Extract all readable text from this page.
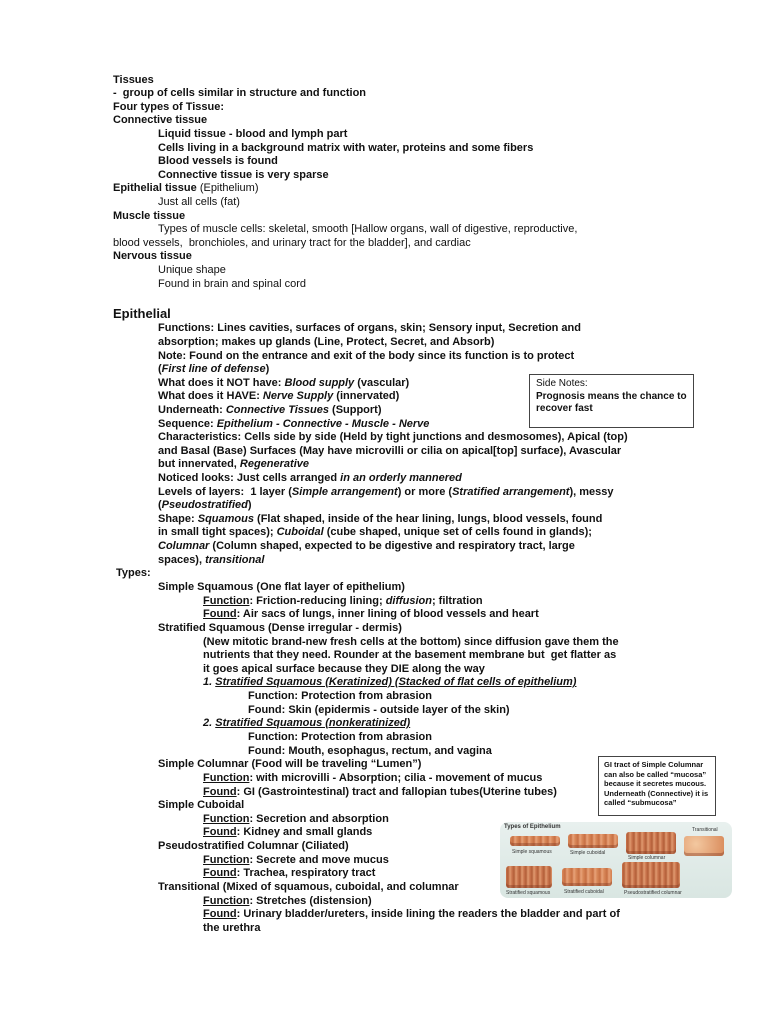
Tissues
-  group of cells similar in structure and function
Four types of Tissue:
Connective tissue
Liquid tissue - blood and lymph part
Cells living in a background matrix with water, proteins and some fibers
Blood vessels is found
Connective tissue is very sparse
Epithelial tissue (Epithelium)
Just all cells (fat)
Muscle tissue
Types of muscle cells: skeletal, smooth [Hallow organs, wall of digestive, reproductive,
blood vessels,  bronchioles, and urinary tract for the bladder], and cardiac
Nervous tissue
Unique shape
Found in brain and spinal cord
Epithelial
Functions: Lines cavities, surfaces of organs, skin; Sensory input, Secretion and
absorption; makes up glands (Line, Protect, Secret, and Absorb)
Note: Found on the entrance and exit of the body since its function is to protect
(First line of defense)
What does it NOT have: Blood supply (vascular)
What does it HAVE: Nerve Supply (innervated)
Underneath: Connective Tissues (Support)
Sequence: Epithelium - Connective - Muscle - Nerve
Characteristics: Cells side by side (Held by tight junctions and desmosomes), Apical (top)
and Basal (Base) Surfaces (May have microvilli or cilia on apical[top] surface), Avascular
but innervated, Regenerative
Noticed looks: Just cells arranged in an orderly mannered
Levels of layers:  1 layer (Simple arrangement) or more (Stratified arrangement), messy
(Pseudostratified)
Shape: Squamous (Flat shaped, inside of the hear lining, lungs, blood vessels, found
in small tight spaces); Cuboidal (cube shaped, unique set of cells found in glands);
Columnar (Column shaped, expected to be digestive and respiratory tract, large
spaces), transitional
Types:
Simple Squamous (One flat layer of epithelium)
Function: Friction-reducing lining; diffusion; filtration
Found: Air sacs of lungs, inner lining of blood vessels and heart
Stratified Squamous (Dense irregular - dermis)
(New mitotic brand-new fresh cells at the bottom) since diffusion gave them the
nutrients that they need. Rounder at the basement membrane but  get flatter as
it goes apical surface because they DIE along the way
1. Stratified Squamous (Keratinized) (Stacked of flat cells of epithelium)
Function: Protection from abrasion
Found: Skin (epidermis - outside layer of the skin)
2. Stratified Squamous (nonkeratinized)
Function: Protection from abrasion
Found: Mouth, esophagus, rectum, and vagina
Simple Columnar (Food will be traveling “Lumen”)
Function: with microvilli - Absorption; cilia - movement of mucus
Found: GI (Gastrointestinal) tract and fallopian tubes(Uterine tubes)
Simple Cuboidal
Function: Secretion and absorption
Found: Kidney and small glands
Pseudostratified Columnar (Ciliated)
Function: Secrete and move mucus
Found: Trachea, respiratory tract
Transitional (Mixed of squamous, cuboidal, and columnar
Function: Stretches (distension)
Found: Urinary bladder/ureters, inside lining the readers the bladder and part of
the urethra
Side Notes:
Prognosis means the chance to recover fast
GI tract of Simple Columnar can also be called “mucosa” because it secretes mucous. Underneath (Connective) it is called “submucosa”
Types of Epithelium
Simple squamous	Simple cuboidal
Simple columnar
Transitional
Stratified squamous	Stratified cuboidal	Pseudostratified columnar
